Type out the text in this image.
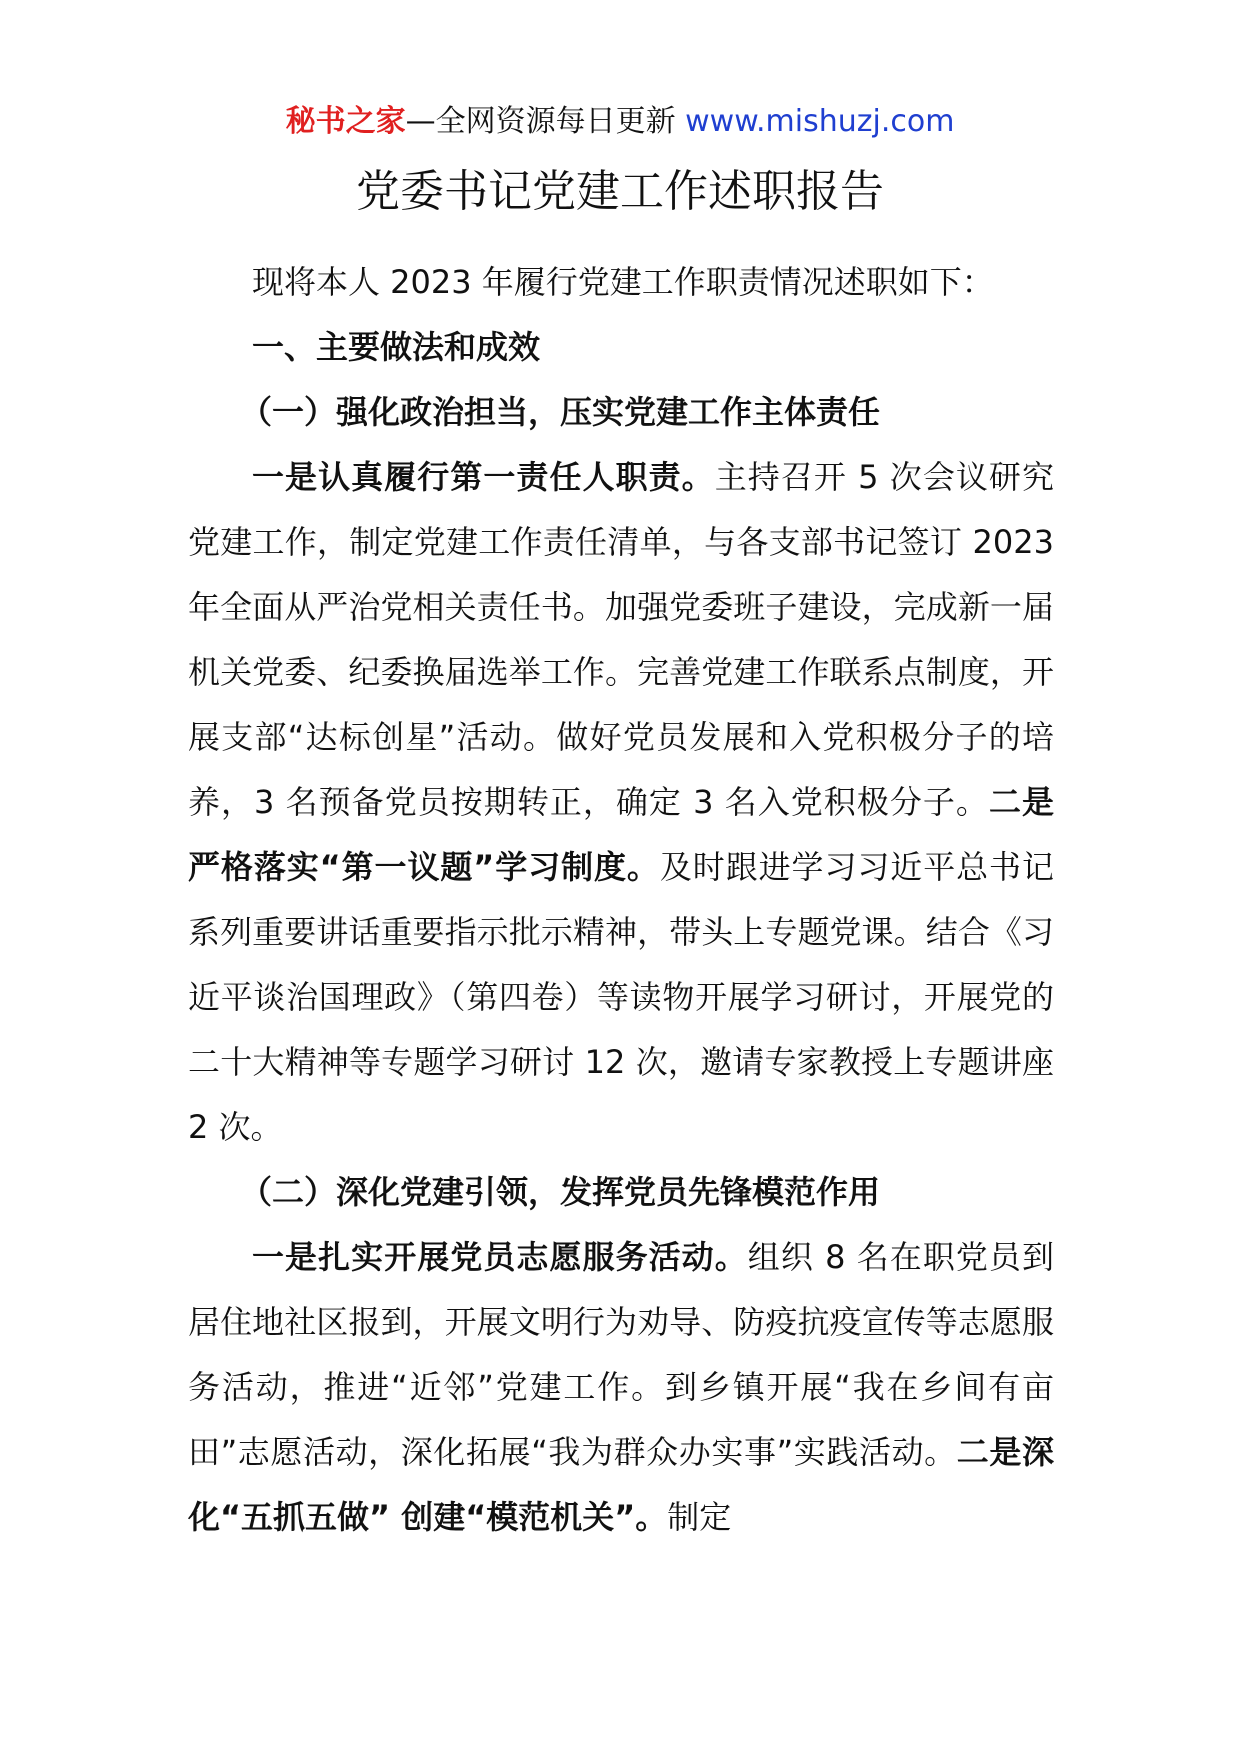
秘书之家—全网资源每日更新 www.mishuzj.com
党委书记党建工作述职报告

现将本人 2023 年履行党建工作职责情况述职如下：

一、主要做法和成效

（一）强化政治担当，压实党建工作主体责任

一是认真履行第一责任人职责。主持召开 5 次会议研究党建工作，制定党建工作责任清单，与各支部书记签订 2023 年全面从严治党相关责任书。加强党委班子建设，完成新一届机关党委、纪委换届选举工作。完善党建工作联系点制度，开展支部“达标创星”活动。做好党员发展和入党积极分子的培养，3 名预备党员按期转正，确定 3 名入党积极分子。二是严格落实“第一议题”学习制度。及时跟进学习习近平总书记系列重要讲话重要指示批示精神，带头上专题党课。结合《习近平谈治国理政》（第四卷）等读物开展学习研讨，开展党的二十大精神等专题学习研讨 12 次，邀请专家教授上专题讲座 2 次。

（二）深化党建引领，发挥党员先锋模范作用

一是扎实开展党员志愿服务活动。组织 8 名在职党员到居住地社区报到，开展文明行为劝导、防疫抗疫宣传等志愿服务活动，推进“近邻”党建工作。到乡镇开展“我在乡间有亩田”志愿活动，深化拓展“我为群众办实事”实践活动。二是深化“五抓五做” 创建“模范机关”。制定
